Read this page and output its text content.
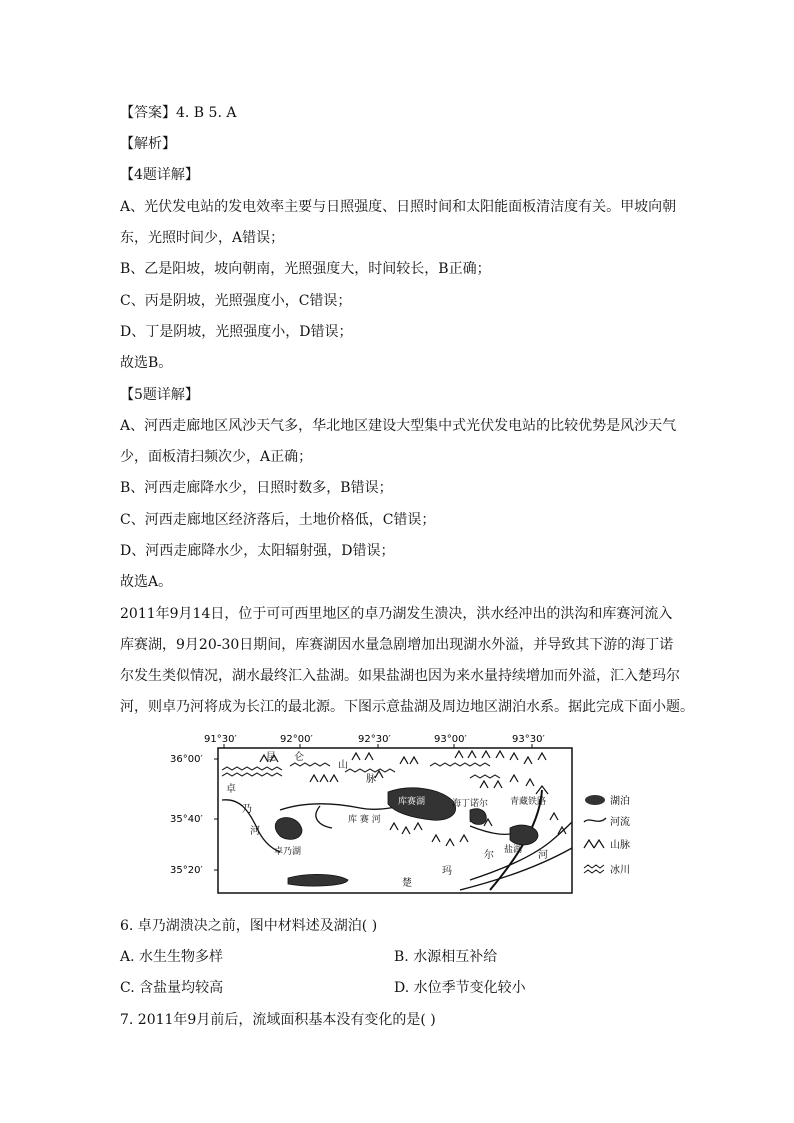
【答案】4. B 5. A
【解析】
【4题详解】
A、光伏发电站的发电效率主要与日照强度、日照时间和太阳能面板清洁度有关。甲坡向朝
东，光照时间少，A错误；
B、乙是阳坡，坡向朝南，光照强度大，时间较长，B正确；
C、丙是阴坡，光照强度小，C错误；
D、丁是阴坡，光照强度小，D错误；
故选B。
【5题详解】
A、河西走廊地区风沙天气多，华北地区建设大型集中式光伏发电站的比较优势是风沙天气
少，面板清扫频次少，A正确；
B、河西走廊降水少，日照时数多，B错误；
C、河西走廊地区经济落后，土地价格低，C错误；
D、河西走廊降水少，太阳辐射强，D错误；
故选A。
2011年9月14日，位于可可西里地区的卓乃湖发生溃决，洪水经冲出的洪沟和库赛河流入
库赛湖，9月20-30日期间，库赛湖因水量急剧增加出现湖水外溢，并导致其下游的海丁诺
尔发生类似情况，湖水最终汇入盐湖。如果盐湖也因为来水量持续增加而外溢，汇入楚玛尔
河，则卓乃河将成为长江的最北源。下图示意盐湖及周边地区湖泊水系。据此完成下面小题。
91°30′	92°00′	92°30′	93°00′	93°30′
36°00′
35°40′
35°20′
昆 仑
山
脉
卓
乃
河
卓乃湖
库 赛 河
库赛湖	海丁诺尔 青藏铁路
盐湖
尔
楚
玛
河
湖泊
河流
山脉
冰川
6. 卓乃湖溃决之前，图中材料述及湖泊( )
A. 水生生物多样	B. 水源相互补给
C. 含盐量均较高	D. 水位季节变化较小
7. 2011年9月前后，流域面积基本没有变化的是( )
